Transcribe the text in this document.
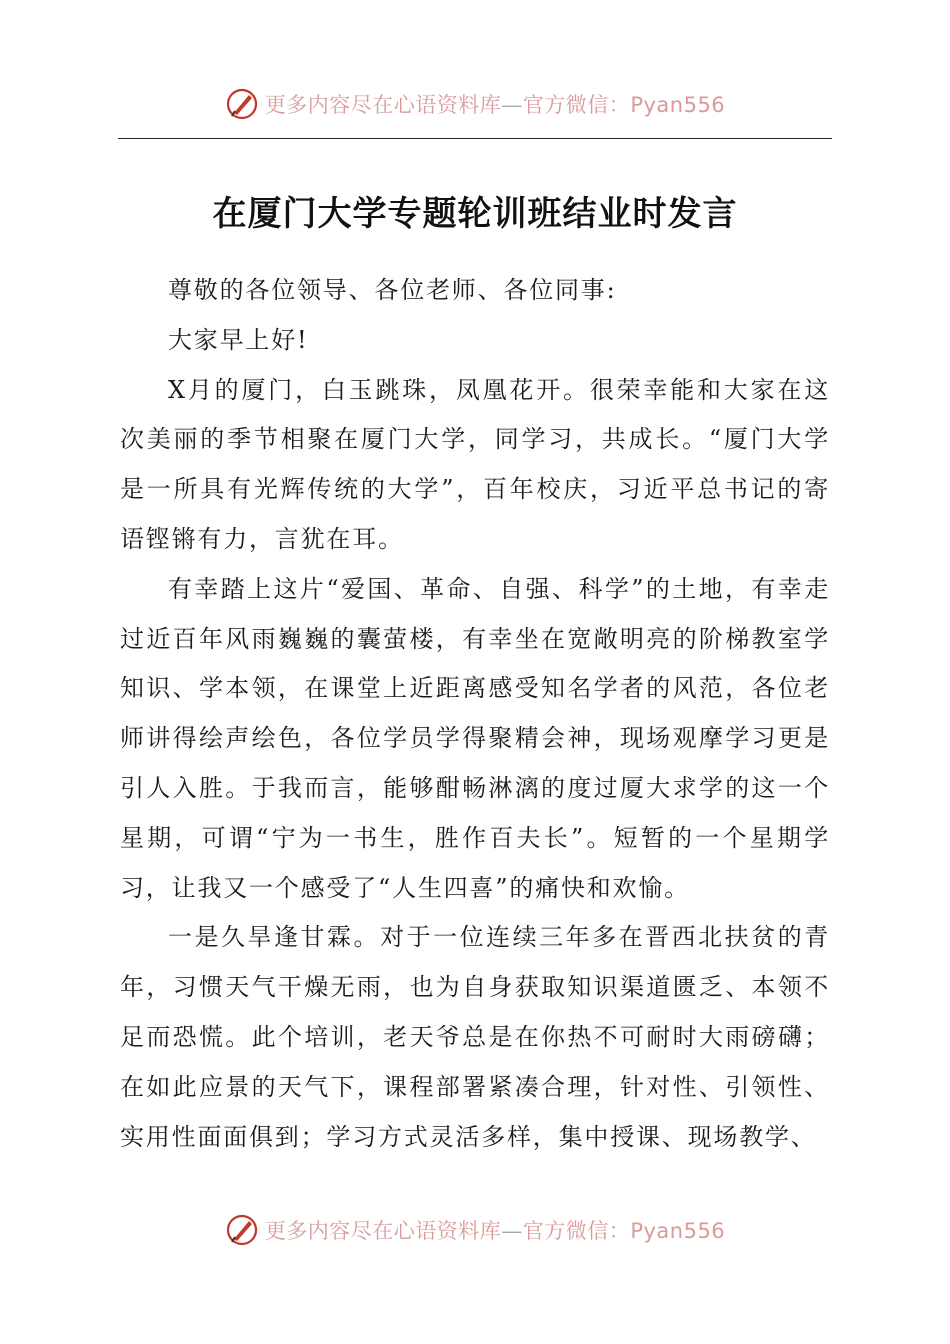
更多内容尽在心语资料库—官方微信：Pyan556
在厦门大学专题轮训班结业时发言

尊敬的各位领导、各位老师、各位同事:

大家早上好!

X月的厦门，白玉跳珠，凤凰花开。很荣幸能和大家在这次美丽的季节相聚在厦门大学，同学习，共成长。“厦门大学是一所具有光辉传统的大学”，百年校庆，习近平总书记的寄语铿锵有力，言犹在耳。

有幸踏上这片“爱国、革命、自强、科学”的土地，有幸走过近百年风雨巍巍的囊萤楼，有幸坐在宽敞明亮的阶梯教室学知识、学本领，在课堂上近距离感受知名学者的风范，各位老师讲得绘声绘色，各位学员学得聚精会神，现场观摩学习更是引人入胜。于我而言，能够酣畅淋漓的度过厦大求学的这一个星期，可谓“宁为一书生，胜作百夫长”。短暂的一个星期学习，让我又一个感受了“人生四喜”的痛快和欢愉。

一是久旱逢甘霖。对于一位连续三年多在晋西北扶贫的青年，习惯天气干燥无雨，也为自身获取知识渠道匮乏、本领不足而恐慌。此个培训，老天爷总是在你热不可耐时大雨磅礴；在如此应景的天气下，课程部署紧凑合理，针对性、引领性、实用性面面俱到；学习方式灵活多样，集中授课、现场教学、

更多内容尽在心语资料库—官方微信：Pyan556
